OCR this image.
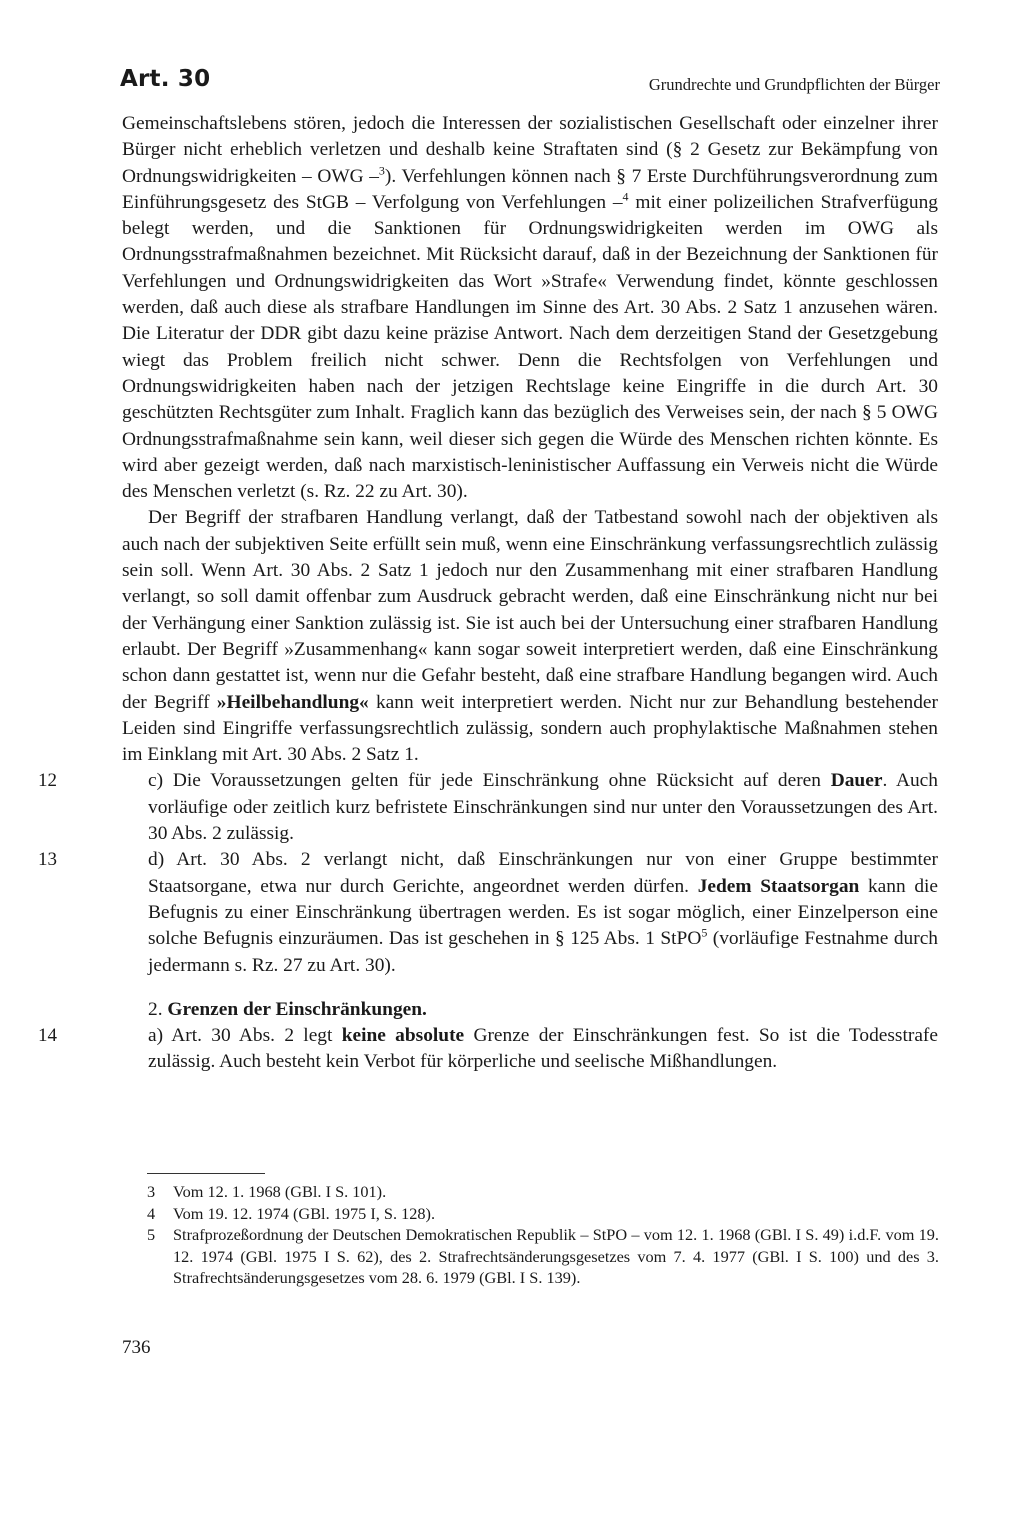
Art. 30	Grundrechte und Grundpflichten der Bürger

Gemeinschaftslebens stören, jedoch die Interessen der sozialistischen Gesellschaft oder einzelner ihrer Bürger nicht erheblich verletzen und deshalb keine Straftaten sind (§ 2 Gesetz zur Bekämpfung von Ordnungswidrigkeiten – OWG –$^3$). Verfehlungen können nach § 7 Erste Durchführungsverordnung zum Einführungsgesetz des StGB – Verfolgung von Verfehlungen –$^4$ mit einer polizeilichen Strafverfügung belegt werden, und die Sanktionen für Ordnungswidrigkeiten werden im OWG als Ordnungsstrafmaßnahmen bezeichnet. Mit Rücksicht darauf, daß in der Bezeichnung der Sanktionen für Verfehlungen und Ordnungswidrigkeiten das Wort »Strafe« Verwendung findet, könnte geschlossen werden, daß auch diese als strafbare Handlungen im Sinne des Art. 30 Abs. 2 Satz 1 anzusehen wären. Die Literatur der DDR gibt dazu keine präzise Antwort. Nach dem derzeitigen Stand der Gesetzgebung wiegt das Problem freilich nicht schwer. Denn die Rechtsfolgen von Verfehlungen und Ordnungswidrigkeiten haben nach der jetzigen Rechtslage keine Eingriffe in die durch Art. 30 geschützten Rechtsgüter zum Inhalt. Fraglich kann das bezüglich des Verweises sein, der nach § 5 OWG Ordnungsstrafmaßnahme sein kann, weil dieser sich gegen die Würde des Menschen richten könnte. Es wird aber gezeigt werden, daß nach marxistisch-leninistischer Auffassung ein Verweis nicht die Würde des Menschen verletzt (s. Rz. 22 zu Art. 30).

Der Begriff der strafbaren Handlung verlangt, daß der Tatbestand sowohl nach der objektiven als auch nach der subjektiven Seite erfüllt sein muß, wenn eine Einschränkung verfassungsrechtlich zulässig sein soll. Wenn Art. 30 Abs. 2 Satz 1 jedoch nur den Zusammenhang mit einer strafbaren Handlung verlangt, so soll damit offenbar zum Ausdruck gebracht werden, daß eine Einschränkung nicht nur bei der Verhängung einer Sanktion zulässig ist. Sie ist auch bei der Untersuchung einer strafbaren Handlung erlaubt. Der Begriff »Zusammenhang« kann sogar soweit interpretiert werden, daß eine Einschränkung schon dann gestattet ist, wenn nur die Gefahr besteht, daß eine strafbare Handlung begangen wird. Auch der Begriff »Heilbehandlung« kann weit interpretiert werden. Nicht nur zur Behandlung bestehender Leiden sind Eingriffe verfassungsrechtlich zulässig, sondern auch prophylaktische Maßnahmen stehen im Einklang mit Art. 30 Abs. 2 Satz 1.

12	c) Die Voraussetzungen gelten für jede Einschränkung ohne Rücksicht auf deren Dauer. Auch vorläufige oder zeitlich kurz befristete Einschränkungen sind nur unter den Voraussetzungen des Art. 30 Abs. 2 zulässig.

13	d) Art. 30 Abs. 2 verlangt nicht, daß Einschränkungen nur von einer Gruppe bestimmter Staatsorgane, etwa nur durch Gerichte, angeordnet werden dürfen. Jedem Staatsorgan kann die Befugnis zu einer Einschränkung übertragen werden. Es ist sogar möglich, einer Einzelperson eine solche Befugnis einzuräumen. Das ist geschehen in § 125 Abs. 1 StPO$^5$ (vorläufige Festnahme durch jedermann s. Rz. 27 zu Art. 30).

2. Grenzen der Einschränkungen.

14	a) Art. 30 Abs. 2 legt keine absolute Grenze der Einschränkungen fest. So ist die Todesstrafe zulässig. Auch besteht kein Verbot für körperliche und seelische Mißhandlungen.

3 Vom 12. 1. 1968 (GBl. I S. 101).
4 Vom 19. 12. 1974 (GBl. 1975 I, S. 128).
5 Strafprozeßordnung der Deutschen Demokratischen Republik – StPO – vom 12. 1. 1968 (GBl. I S. 49) i.d.F. vom 19. 12. 1974 (GBl. 1975 I S. 62), des 2. Strafrechtsänderungsgesetzes vom 7. 4. 1977 (GBl. I S. 100) und des 3. Strafrechtsänderungsgesetzes vom 28. 6. 1979 (GBl. I S. 139).
736
